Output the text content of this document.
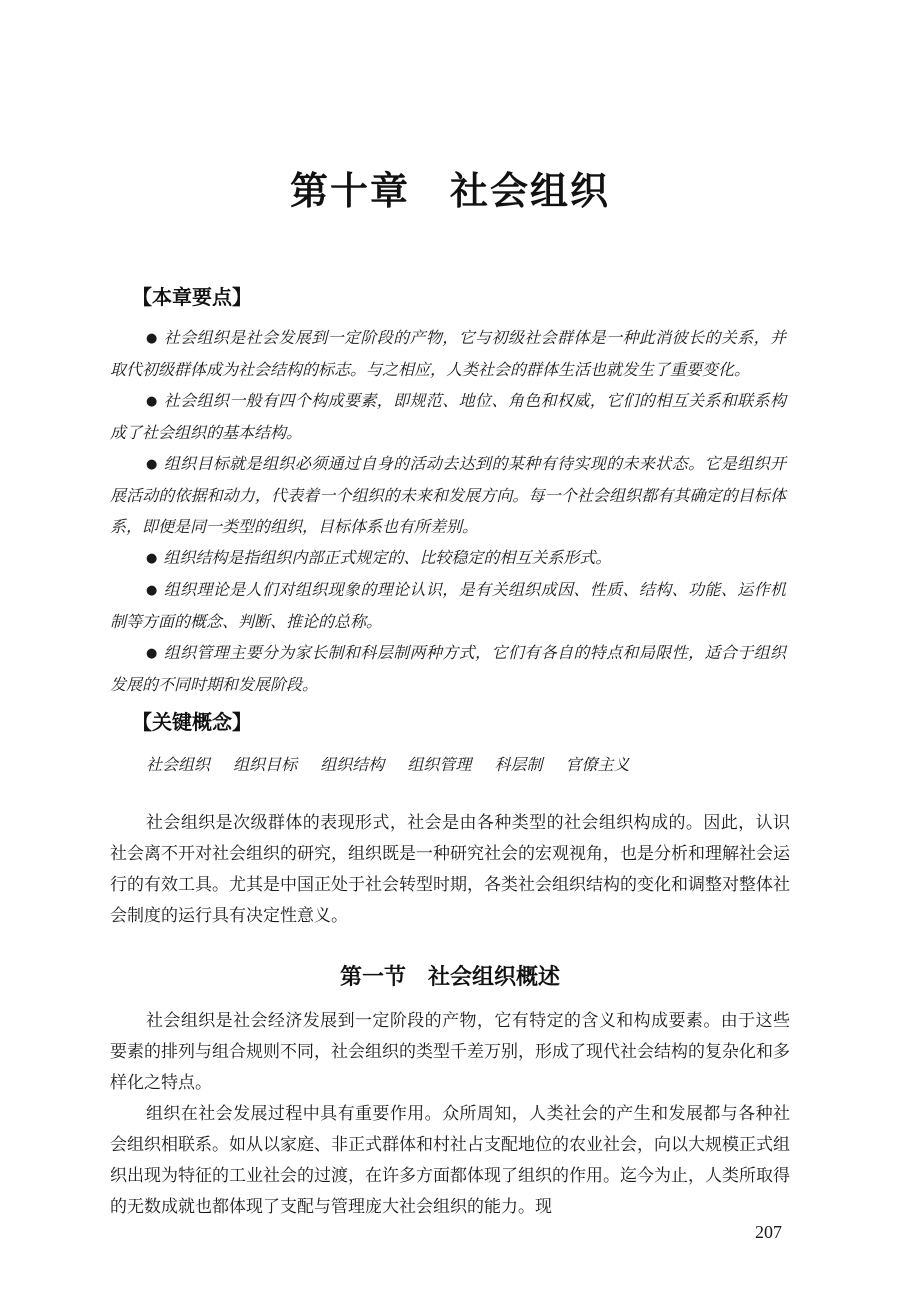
第十章　社会组织
【本章要点】

● 社会组织是社会发展到一定阶段的产物，它与初级社会群体是一种此消彼长的关系，并取代初级群体成为社会结构的标志。与之相应，人类社会的群体生活也就发生了重要变化。

● 社会组织一般有四个构成要素，即规范、地位、角色和权威，它们的相互关系和联系构成了社会组织的基本结构。

● 组织目标就是组织必须通过自身的活动去达到的某种有待实现的未来状态。它是组织开展活动的依据和动力，代表着一个组织的未来和发展方向。每一个社会组织都有其确定的目标体系，即便是同一类型的组织，目标体系也有所差别。

● 组织结构是指组织内部正式规定的、比较稳定的相互关系形式。

● 组织理论是人们对组织现象的理论认识，是有关组织成因、性质、结构、功能、运作机制等方面的概念、判断、推论的总称。

● 组织管理主要分为家长制和科层制两种方式，它们有各自的特点和局限性，适合于组织发展的不同时期和发展阶段。

【关键概念】
社会组织 组织目标 组织结构 组织管理 科层制 官僚主义

社会组织是次级群体的表现形式，社会是由各种类型的社会组织构成的。因此，认识社会离不开对社会组织的研究，组织既是一种研究社会的宏观视角，也是分析和理解社会运行的有效工具。尤其是中国正处于社会转型时期，各类社会组织结构的变化和调整对整体社会制度的运行具有决定性意义。

第一节　社会组织概述

社会组织是社会经济发展到一定阶段的产物，它有特定的含义和构成要素。由于这些要素的排列与组合规则不同，社会组织的类型千差万别，形成了现代社会结构的复杂化和多样化之特点。

组织在社会发展过程中具有重要作用。众所周知，人类社会的产生和发展都与各种社会组织相联系。如从以家庭、非正式群体和村社占支配地位的农业社会，向以大规模正式组织出现为特征的工业社会的过渡，在许多方面都体现了组织的作用。迄今为止，人类所取得的无数成就也都体现了支配与管理庞大社会组织的能力。现

207
